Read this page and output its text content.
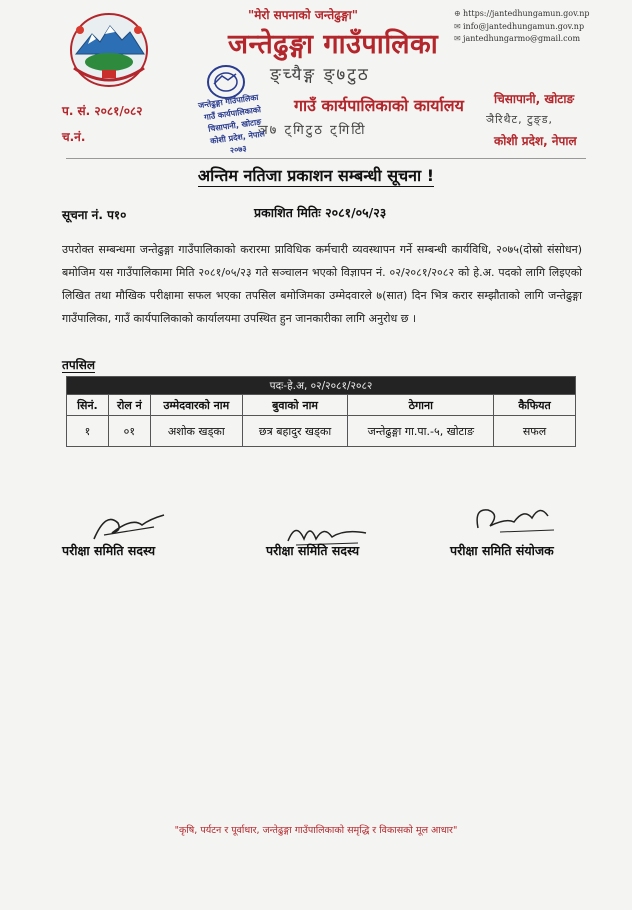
"मेरो सपनाको जन्तेढुङ्गा"
जन्तेढुङ्गा गाउँपालिका
ङ्च्यैङ्ग ङ्७टुठ
गाउँ कार्यपालिकाको कार्यालय
ञ७ ट्गिटुठ ट्गिटिी
⊕ https://jantedhungamun.gov.np
✉ info@jantedhungamun.gov.np
✉ jantedhungarmo@gmail.com
चिसापानी, खोटाङ
ञैरिथैट, टुङ्ड,
कोशी प्रदेश, नेपाल
प. सं. २०८१/०८२
च.नं.
जन्तेढुङ्गा गाउँपालिका
गाउँ कार्यपालिकाको
चिसापानी, खोटाङ
कोशी प्रदेश, नेपाल
२०७३
अन्तिम नतिजा प्रकाशन सम्बन्धी सूचना !
सूचना नं. प१०	प्रकाशित मितिः २०८१/०५/२३
उपरोक्त सम्बन्धमा जन्तेढुङ्गा गाउँपालिकाको करारमा प्राविधिक कर्मचारी व्यवस्थापन गर्ने सम्बन्धी कार्यविधि, २०७५(दोस्रो संसोधन) बमोजिम यस गाउँपालिकामा मिति २०८१/०५/२३ गते सञ्चालन भएको विज्ञापन नं. ०२/२०८१/२०८२ को हे.अ. पदको लागि लिइएको लिखित तथा मौखिक परीक्षामा सफल भएका तपसिल बमोजिमका उम्मेदवारले ७(सात) दिन भित्र करार सम्झौताको लागि जन्तेढुङ्गा गाउँपालिका, गाउँ कार्यपालिकाको कार्यालयमा उपस्थित हुन जानकारीका लागि अनुरोध छ ।
तपसिल
पदः-हे.अ, ०२/२०८१/२०८२					
सिनं.	रोल नं	उम्मेदवारको नाम	बुवाको नाम	ठेगाना	कैफियत
१	०१	अशोक खड्का	छत्र बहादुर खड्का	जन्तेढुङ्गा गा.पा.-५, खोटाङ	सफल
परीक्षा समिति सदस्य	परीक्षा समिति सदस्य	परीक्षा समिति संयोजक
"कृषि, पर्यटन र पूर्वाधार, जन्तेढुङ्गा गाउँपालिकाको समृद्धि र विकासको मूल आधार"
